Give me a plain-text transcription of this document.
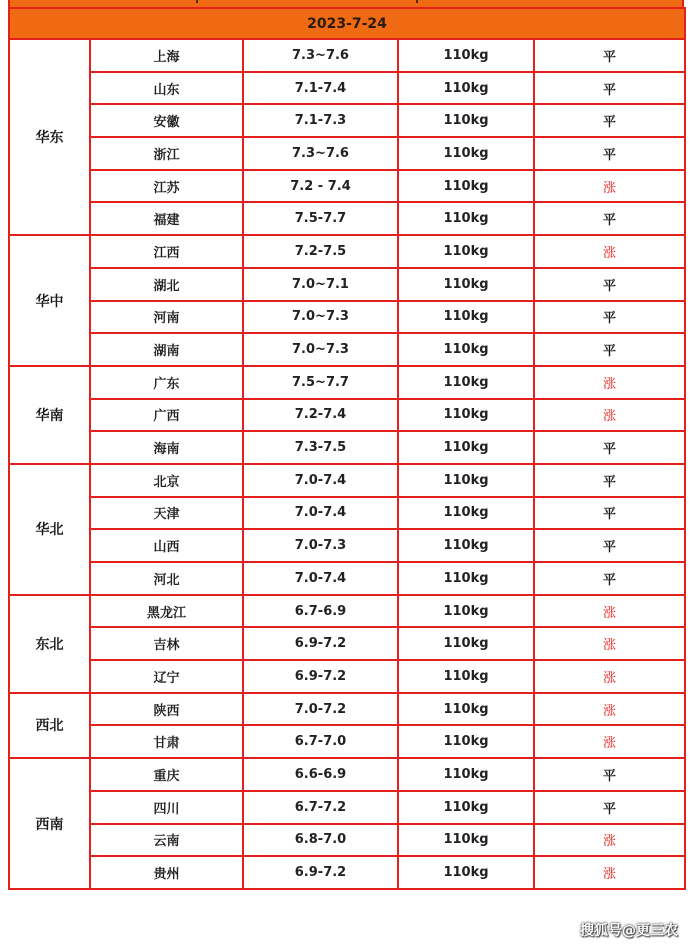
2023-7-24				
华东	上海	7.3~7.6	110kg	平
	山东	7.1-7.4	110kg	平
	安徽	7.1-7.3	110kg	平
	浙江	7.3~7.6	110kg	平
	江苏	7.2 - 7.4	110kg	涨
	福建	7.5-7.7	110kg	平
华中	江西	7.2-7.5	110kg	涨
	湖北	7.0~7.1	110kg	平
	河南	7.0~7.3	110kg	平
	湖南	7.0~7.3	110kg	平
华南	广东	7.5~7.7	110kg	涨
	广西	7.2-7.4	110kg	涨
	海南	7.3-7.5	110kg	平
华北	北京	7.0-7.4	110kg	平
	天津	7.0-7.4	110kg	平
	山西	7.0-7.3	110kg	平
	河北	7.0-7.4	110kg	平
东北	黑龙江	6.7-6.9	110kg	涨
	吉林	6.9-7.2	110kg	涨
	辽宁	6.9-7.2	110kg	涨
西北	陕西	7.0-7.2	110kg	涨
	甘肃	6.7-7.0	110kg	涨
西南	重庆	6.6-6.9	110kg	平
	四川	6.7-7.2	110kg	平
	云南	6.8-7.0	110kg	涨
	贵州	6.9-7.2	110kg	涨
搜狐号@更三农
